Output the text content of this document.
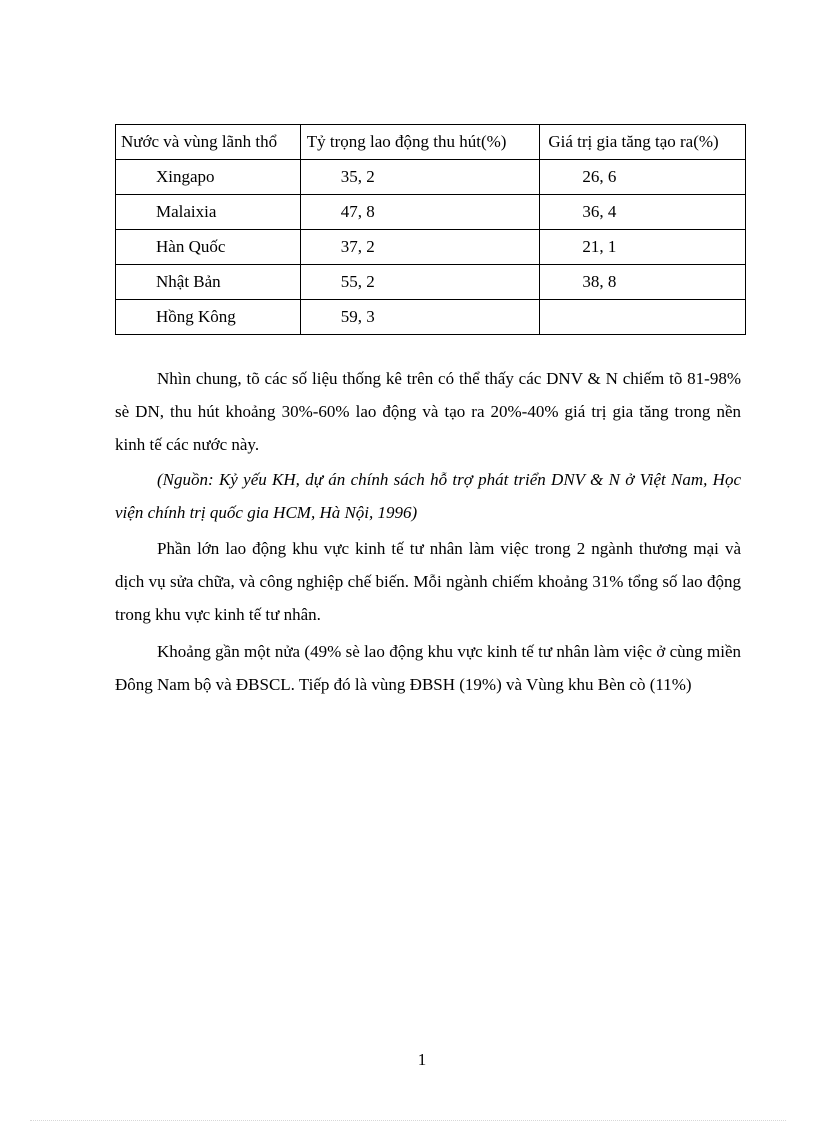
Nước và vùng lãnh thổ	Tỷ trọng lao động thu hút(%)	Giá trị gia tăng tạo ra(%)
Xingapo	35, 2	26, 6
Malaixia	47, 8	36, 4
Hàn Quốc	37, 2	21, 1
Nhật Bản	55, 2	38, 8
Hồng Kông	59, 3	

Nhìn chung, tõ các số liệu thống kê trên có thể thấy các DNV & N chiếm tõ 81-98% sè DN, thu hút khoảng 30%-60% lao động và tạo ra 20%-40% giá trị gia tăng trong nền kinh tế các nước này.

(Nguồn: Kỷ yếu KH, dự án chính sách hỗ trợ phát triển DNV & N ở Việt Nam, Học viện chính trị quốc gia HCM, Hà Nội, 1996)

Phần lớn lao động khu vực kinh tế tư nhân làm việc trong 2 ngành thương mại và dịch vụ sửa chữa, và công nghiệp chế biến. Mỗi ngành chiếm khoảng 31% tổng số lao động trong khu vực kinh tế tư nhân.

Khoảng gần một nửa (49% sè lao động khu vực kinh tế tư nhân làm việc ở cùng miền Đông Nam bộ và ĐBSCL. Tiếp đó là vùng ĐBSH (19%) và Vùng khu Bèn cò (11%)

1
